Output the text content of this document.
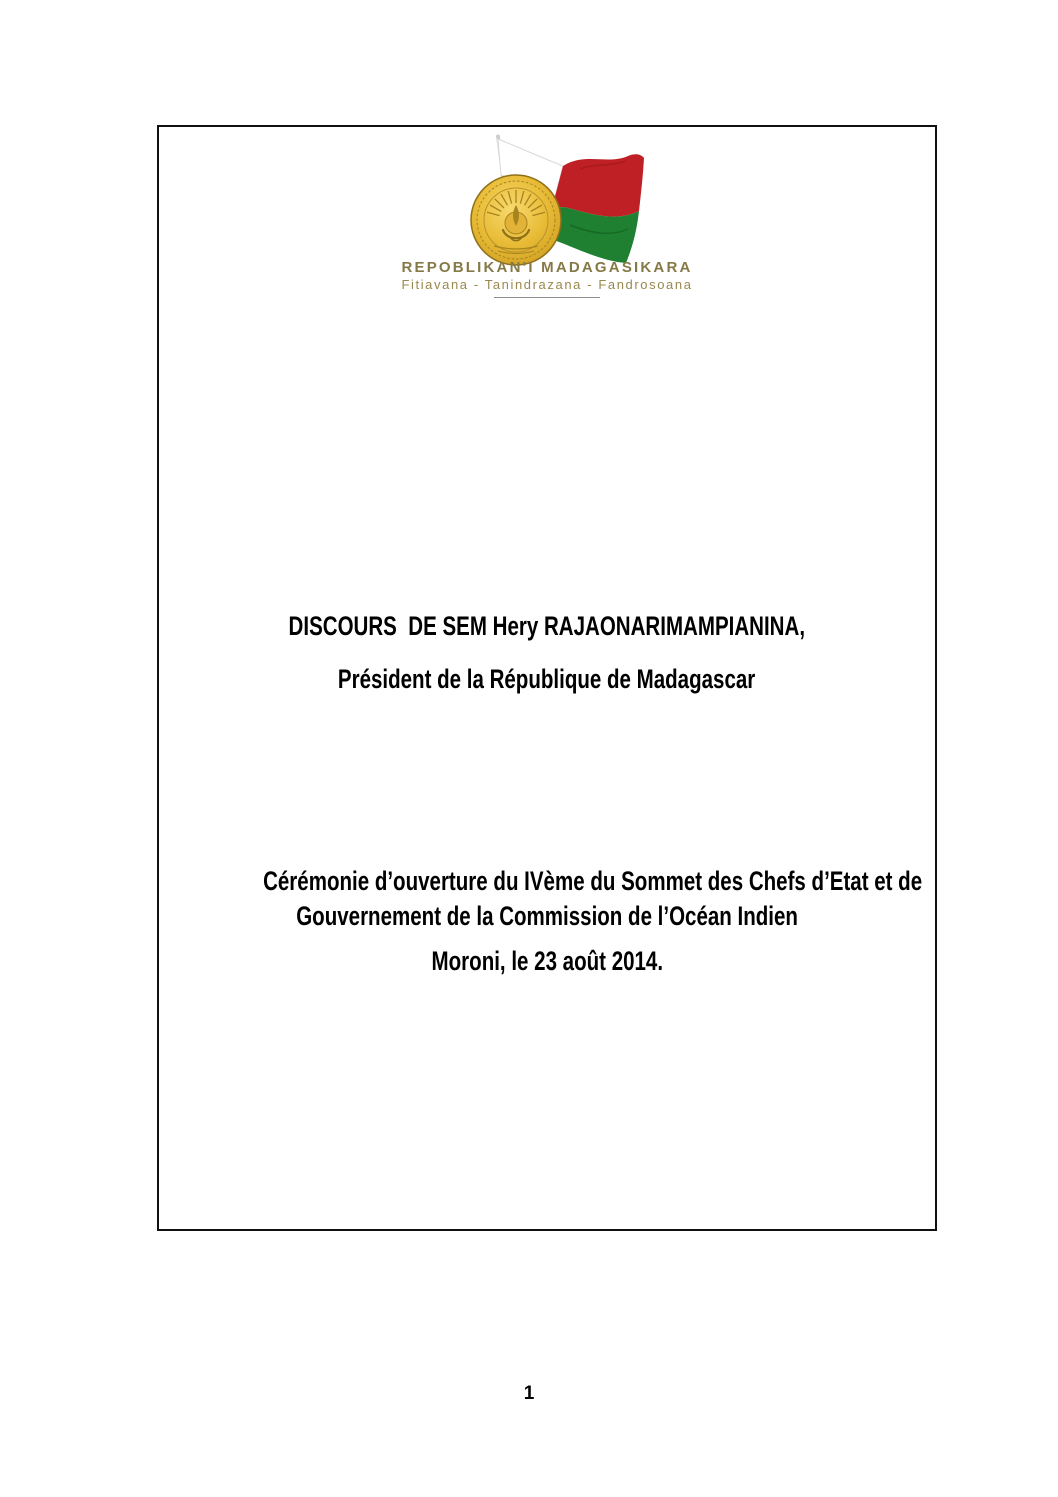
REPOBLIKAN'I MADAGASIKARA
Fitiavana - Tanindrazana - Fandrosoana
DISCOURS  DE SEM Hery RAJAONARIMAMPIANINA,
Président de la République de Madagascar
Cérémonie d’ouverture du IVème du Sommet des Chefs d’Etat et de
Gouvernement de la Commission de l’Océan Indien
Moroni, le 23 août 2014.
1
